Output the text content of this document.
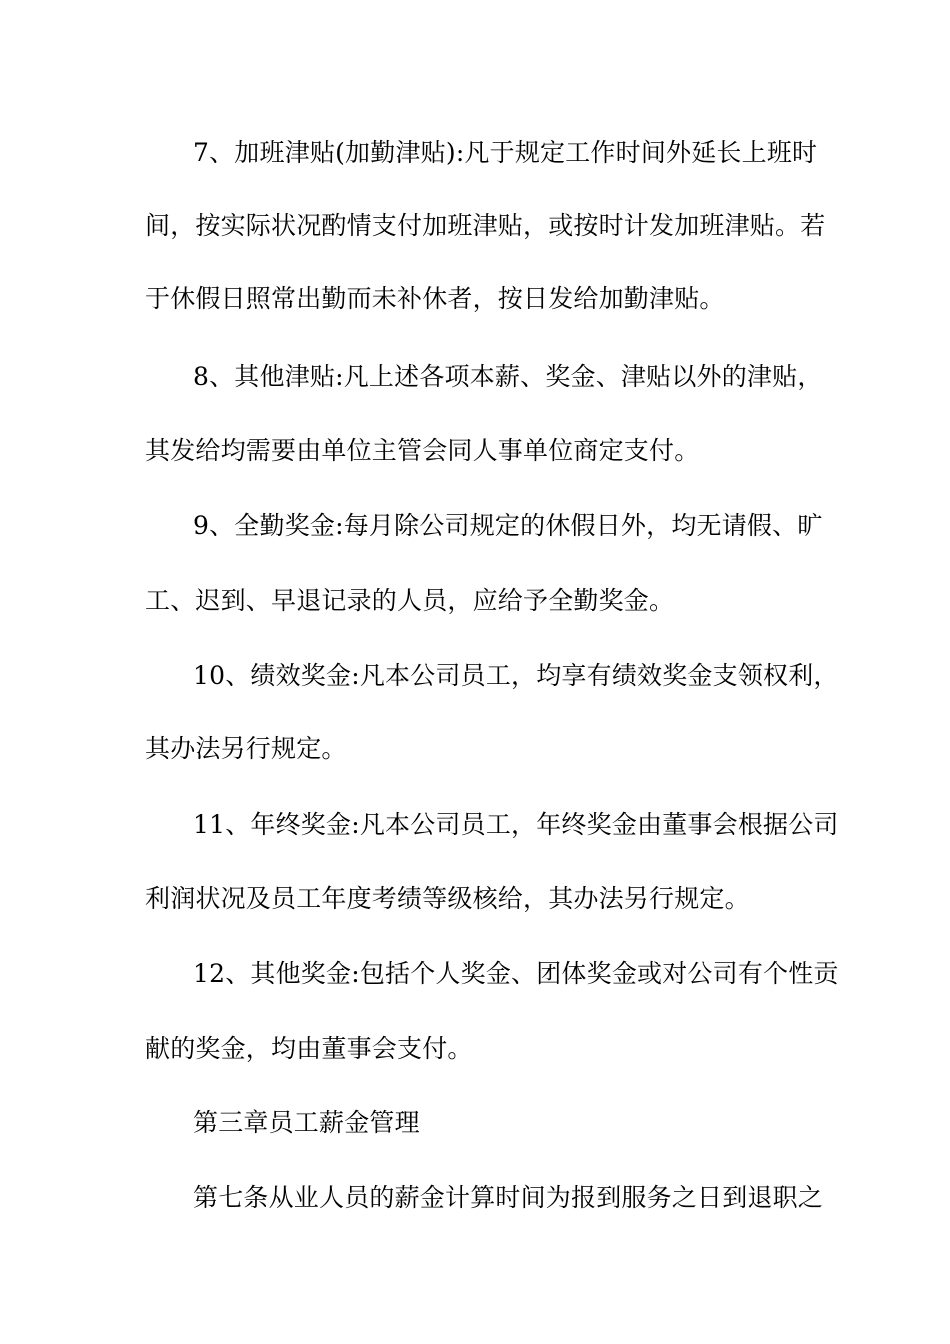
7、加班津贴(加勤津贴):凡于规定工作时间外延长上班时
间，按实际状况酌情支付加班津贴，或按时计发加班津贴。若
于休假日照常出勤而未补休者，按日发给加勤津贴。
8、其他津贴:凡上述各项本薪、奖金、津贴以外的津贴，
其发给均需要由单位主管会同人事单位商定支付。
9、全勤奖金:每月除公司规定的休假日外，均无请假、旷
工、迟到、早退记录的人员，应给予全勤奖金。
10、绩效奖金:凡本公司员工，均享有绩效奖金支领权利，
其办法另行规定。
11、年终奖金:凡本公司员工，年终奖金由董事会根据公司
利润状况及员工年度考绩等级核给，其办法另行规定。
12、其他奖金:包括个人奖金、团体奖金或对公司有个性贡
献的奖金，均由董事会支付。
第三章员工薪金管理
第七条从业人员的薪金计算时间为报到服务之日到退职之
